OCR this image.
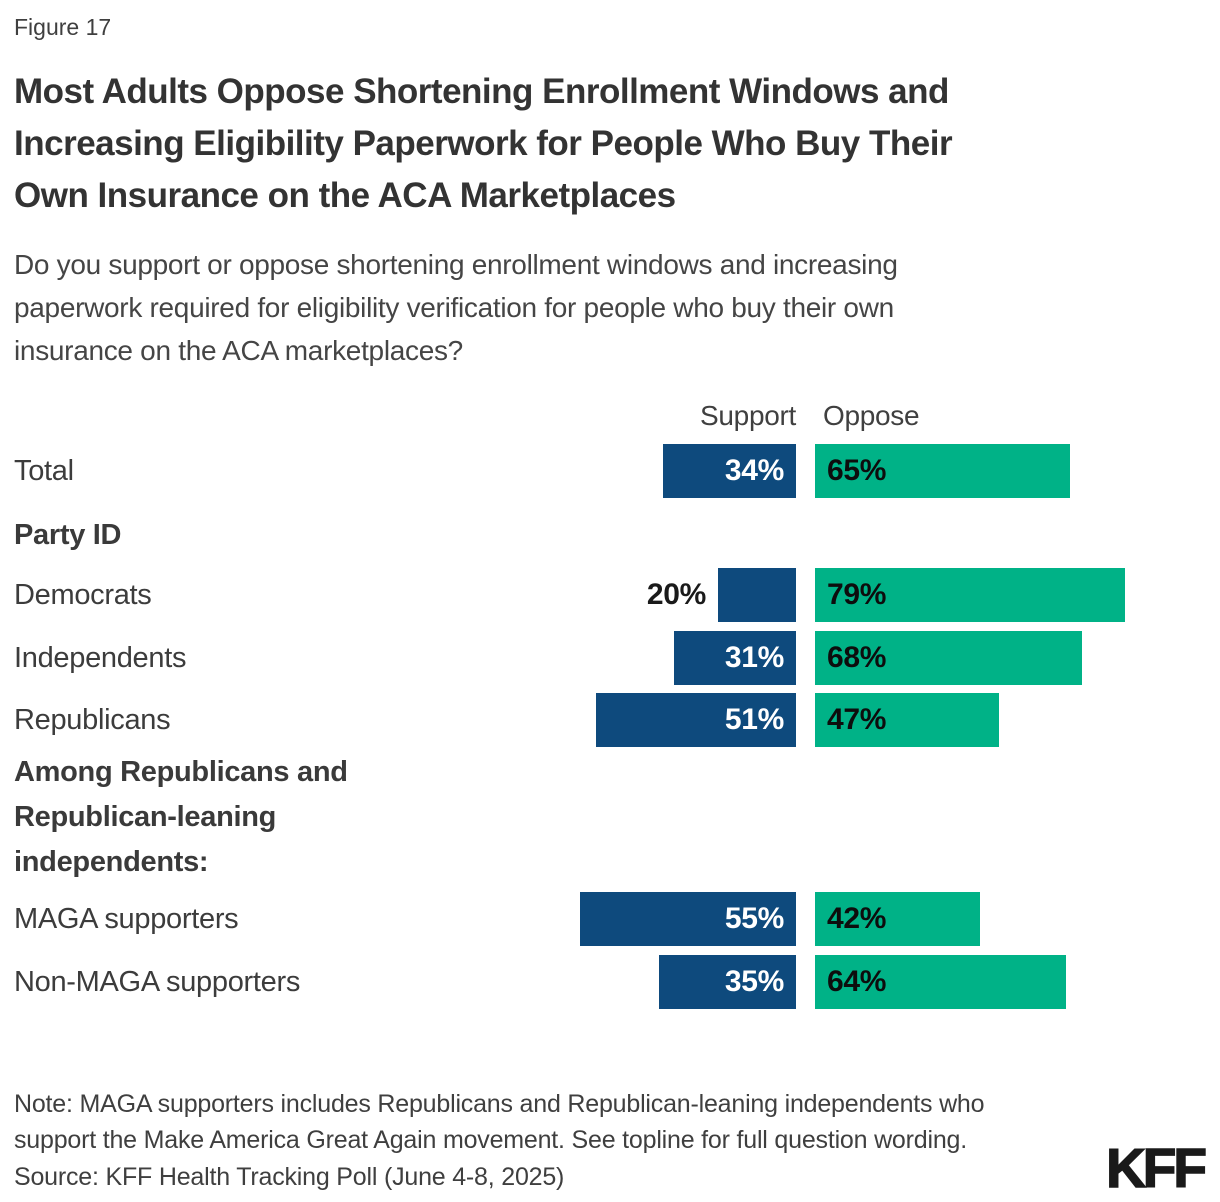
Figure 17
Most Adults Oppose Shortening Enrollment Windows and
Increasing Eligibility Paperwork for People Who Buy Their
Own Insurance on the ACA Marketplaces
Do you support or oppose shortening enrollment windows and increasing
paperwork required for eligibility verification for people who buy their own
insurance on the ACA marketplaces?
Support Oppose
Total	34% 65%
Party ID
Democrats	20%	79%
Independents	31% 68%
Republicans	51% 47%
Among Republicans and
Republican-leaning
independents:
MAGA supporters	55% 42%
Non-MAGA supporters	35% 64%
Note: MAGA supporters includes Republicans and Republican-leaning independents who
support the Make America Great Again movement. See topline for full question wording.
Source: KFF Health Tracking Poll (June 4-8, 2025)	KFF
